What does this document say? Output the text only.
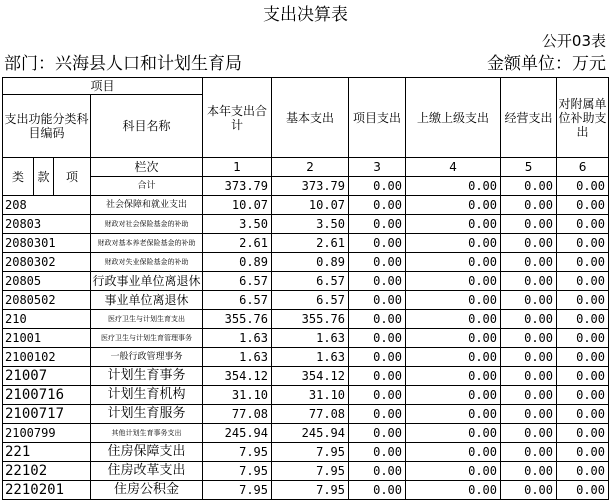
支出决算表
公开03表
部门：兴海县人口和计划生育局	金额单位：万元
项目				本年支出合计	基本支出	项目支出	上缴上级支出	经营支出	对附属单位补助支出
支出功能分类科目编码			科目名称						

类	款	项	栏次	1	2	3	4	5	6
			合计	373.79	373.79	0.00	0.00	0.00	0.00
208			社会保障和就业支出	10.07	10.07	0.00	0.00	0.00	0.00
20803			财政对社会保险基金的补助	3.50	3.50	0.00	0.00	0.00	0.00
2080301			财政对基本养老保险基金的补助	2.61	2.61	0.00	0.00	0.00	0.00
2080302			财政对失业保险基金的补助	0.89	0.89	0.00	0.00	0.00	0.00
20805			行政事业单位离退休	6.57	6.57	0.00	0.00	0.00	0.00
2080502			事业单位离退休	6.57	6.57	0.00	0.00	0.00	0.00
210			医疗卫生与计划生育支出	355.76	355.76	0.00	0.00	0.00	0.00
21001			医疗卫生与计划生育管理事务	1.63	1.63	0.00	0.00	0.00	0.00
2100102			一般行政管理事务	1.63	1.63	0.00	0.00	0.00	0.00
21007			计划生育事务	354.12	354.12	0.00	0.00	0.00	0.00
2100716			计划生育机构	31.10	31.10	0.00	0.00	0.00	0.00
2100717			计划生育服务	77.08	77.08	0.00	0.00	0.00	0.00
2100799			其他计划生育事务支出	245.94	245.94	0.00	0.00	0.00	0.00
221			住房保障支出	7.95	7.95	0.00	0.00	0.00	0.00
22102			住房改革支出	7.95	7.95	0.00	0.00	0.00	0.00
2210201			住房公积金	7.95	7.95	0.00	0.00	0.00	0.00
